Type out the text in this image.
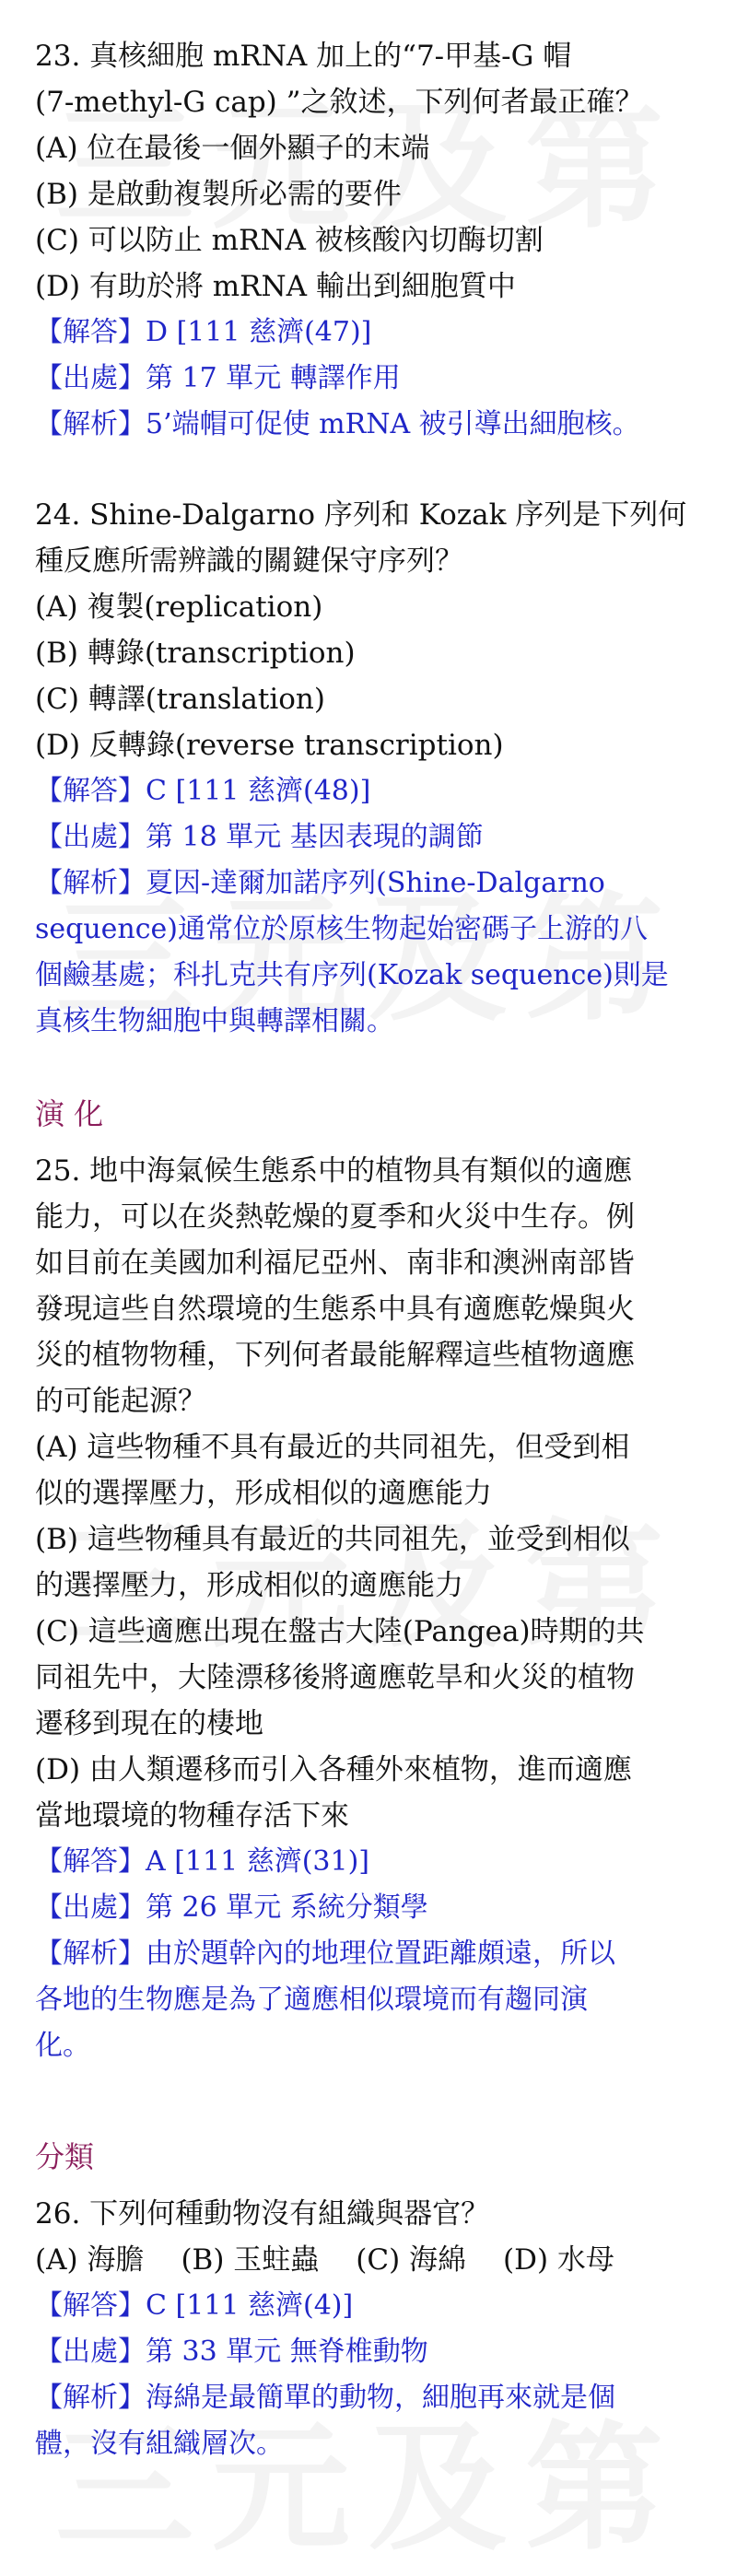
23. 真核細胞 mRNA 加上的“7-甲基-G 帽
(7-methyl-G cap) ”之敘述，下列何者最正確？
(A) 位在最後一個外顯子的末端
(B) 是啟動複製所必需的要件
(C) 可以防止 mRNA 被核酸內切酶切割
(D) 有助於將 mRNA 輸出到細胞質中
【解答】D [111 慈濟(47)]
【出處】第 17 單元 轉譯作用
【解析】5’端帽可促使 mRNA 被引導出細胞核。
24. Shine-Dalgarno 序列和 Kozak 序列是下列何
種反應所需辨識的關鍵保守序列？
(A) 複製(replication)
(B) 轉錄(transcription)
(C) 轉譯(translation)
(D) 反轉錄(reverse transcription)
【解答】C [111 慈濟(48)]
【出處】第 18 單元 基因表現的調節
【解析】夏因-達爾加諾序列(Shine-Dalgarno
sequence)通常位於原核生物起始密碼子上游的八
個鹼基處；科扎克共有序列(Kozak sequence)則是
真核生物細胞中與轉譯相關。
演 化
25. 地中海氣候生態系中的植物具有類似的適應
能力，可以在炎熱乾燥的夏季和火災中生存。例
如目前在美國加利福尼亞州、南非和澳洲南部皆
發現這些自然環境的生態系中具有適應乾燥與火
災的植物物種，下列何者最能解釋這些植物適應
的可能起源？
(A) 這些物種不具有最近的共同祖先，但受到相
似的選擇壓力，形成相似的適應能力
(B) 這些物種具有最近的共同祖先，並受到相似
的選擇壓力，形成相似的適應能力
(C) 這些適應出現在盤古大陸(Pangea)時期的共
同祖先中，大陸漂移後將適應乾旱和火災的植物
遷移到現在的棲地
(D) 由人類遷移而引入各種外來植物，進而適應
當地環境的物種存活下來
【解答】A [111 慈濟(31)]
【出處】第 26 單元 系統分類學
【解析】由於題幹內的地理位置距離頗遠，所以
各地的生物應是為了適應相似環境而有趨同演
化。
分類
26. 下列何種動物沒有組織與器官？
(A) 海膽 (B) 玉蛀蟲 (C) 海綿 (D) 水母
【解答】C [111 慈濟(4)]
【出處】第 33 單元 無脊椎動物
【解析】海綿是最簡單的動物，細胞再來就是個
體，沒有組織層次。
